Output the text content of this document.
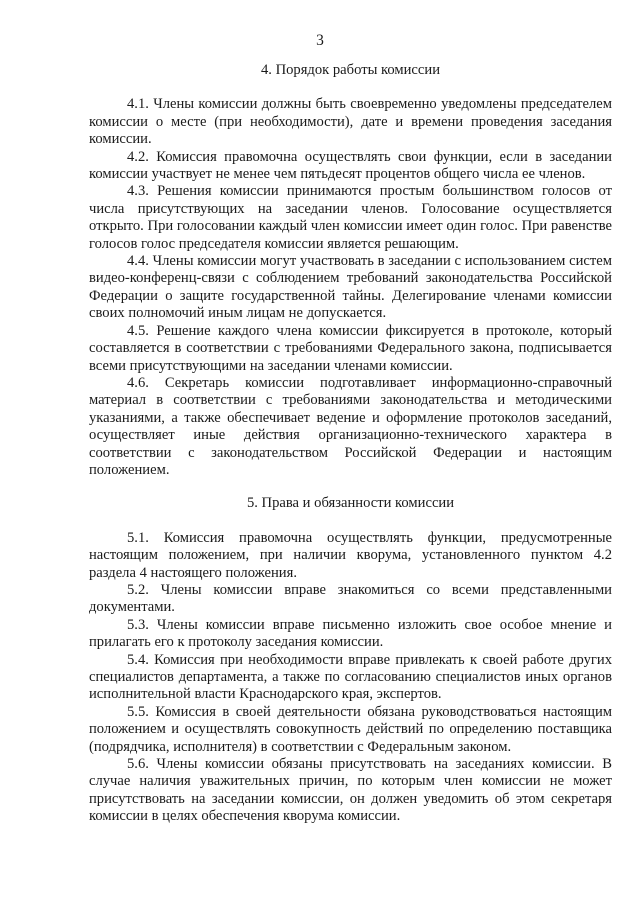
3
4. Порядок работы комиссии

4.1. Члены комиссии должны быть своевременно уведомлены председателем комиссии о месте (при необходимости), дате и времени проведения заседания комиссии.

4.2. Комиссия правомочна осуществлять свои функции, если в заседании комиссии участвует не менее чем пятьдесят процентов общего числа ее членов.

4.3. Решения комиссии принимаются простым большинством голосов от числа присутствующих на заседании членов. Голосование осуществляется открыто. При голосовании каждый член комиссии имеет один голос. При равенстве голосов голос председателя комиссии является решающим.

4.4. Члены комиссии могут участвовать в заседании с использованием систем видео-конференц-связи с соблюдением требований законодательства Российской Федерации о защите государственной тайны. Делегирование членами комиссии своих полномочий иным лицам не допускается.

4.5. Решение каждого члена комиссии фиксируется в протоколе, который составляется в соответствии с требованиями Федерального закона, подписывается всеми присутствующими на заседании членами комиссии.

4.6. Секретарь комиссии подготавливает информационно-справочный материал в соответствии с требованиями законодательства и методическими указаниями, а также обеспечивает ведение и оформление протоколов заседаний, осуществляет иные действия организационно-технического характера в соответствии с законодательством Российской Федерации и настоящим положением.

5. Права и обязанности комиссии

5.1. Комиссия правомочна осуществлять функции, предусмотренные настоящим положением, при наличии кворума, установленного пунктом 4.2 раздела 4 настоящего положения.

5.2. Члены комиссии вправе знакомиться со всеми представленными документами.

5.3. Члены комиссии вправе письменно изложить свое особое мнение и прилагать его к протоколу заседания комиссии.

5.4. Комиссия при необходимости вправе привлекать к своей работе других специалистов департамента, а также по согласованию специалистов иных органов исполнительной власти Краснодарского края, экспертов.

5.5. Комиссия в своей деятельности обязана руководствоваться настоящим положением и осуществлять совокупность действий по определению поставщика (подрядчика, исполнителя) в соответствии с Федеральным законом.

5.6. Члены комиссии обязаны присутствовать на заседаниях комиссии. В случае наличия уважительных причин, по которым член комиссии не может присутствовать на заседании комиссии, он должен уведомить об этом секретаря комиссии в целях обеспечения кворума комиссии.
